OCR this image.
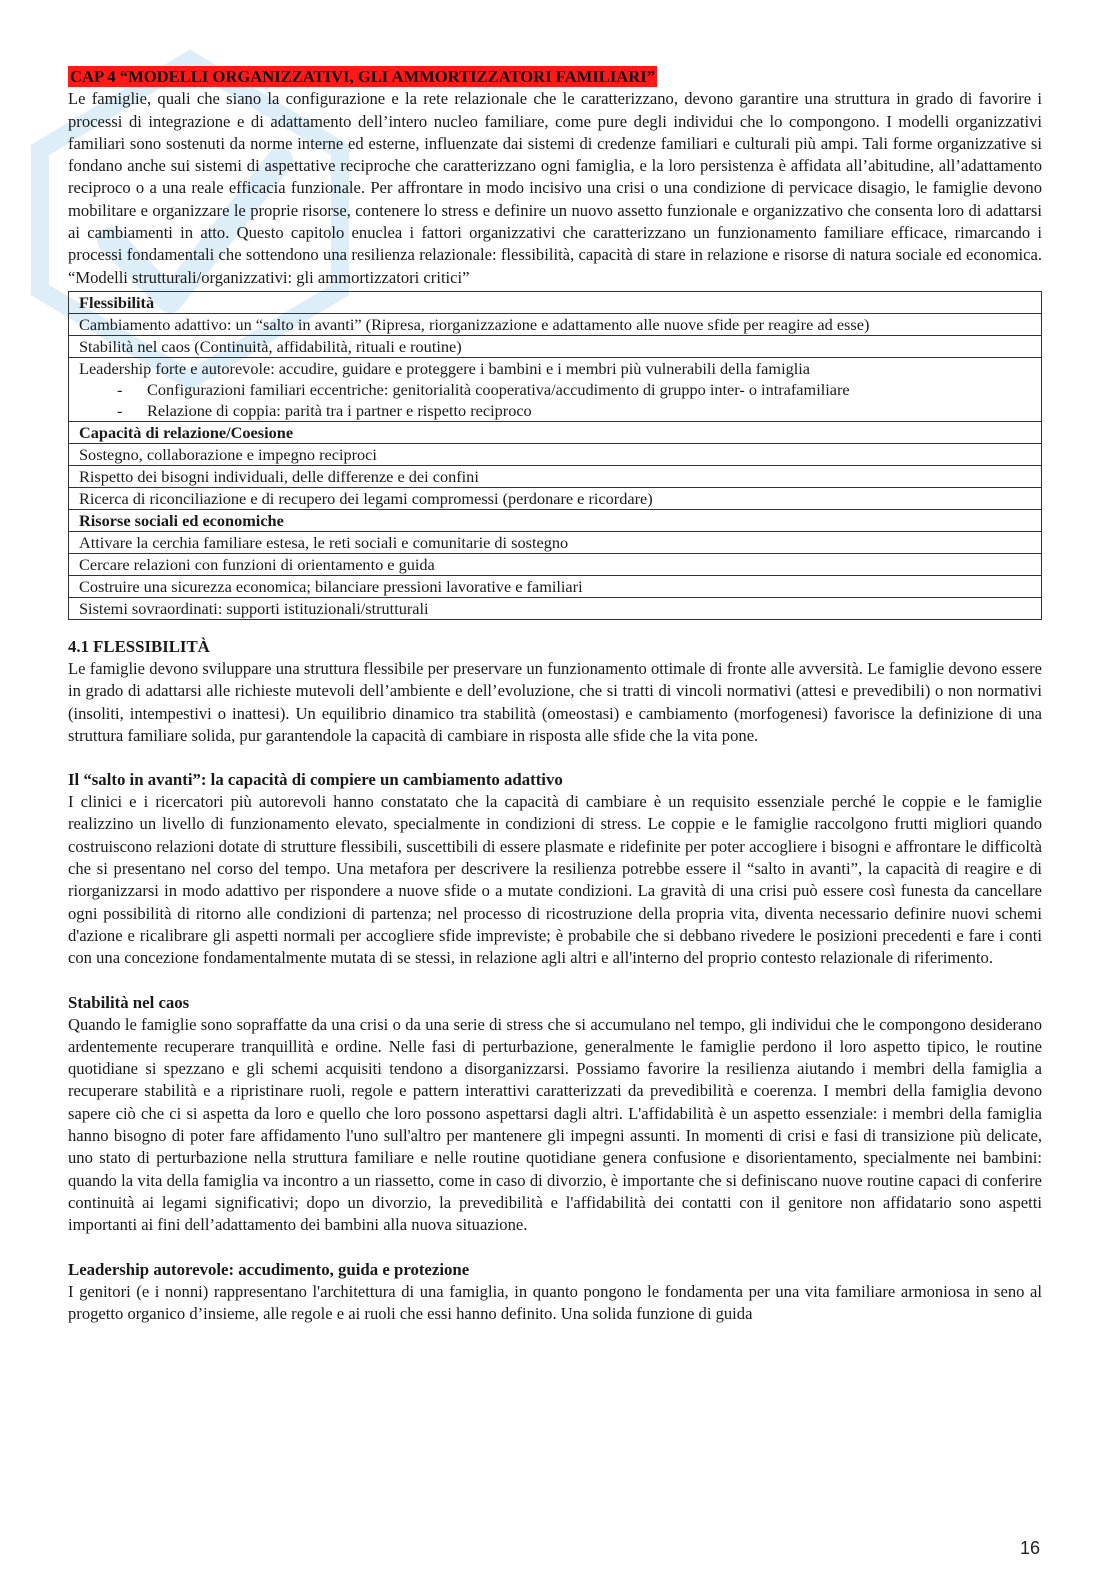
CAP 4 “MODELLI ORGANIZZATIVI, GLI AMMORTIZZATORI FAMILIARI”

Le famiglie, quali che siano la configurazione e la rete relazionale che le caratterizzano, devono garantire una struttura in grado di favorire i processi di integrazione e di adattamento dell’intero nucleo familiare, come pure degli individui che lo compongono. I modelli organizzativi familiari sono sostenuti da norme interne ed esterne, influenzate dai sistemi di credenze familiari e culturali più ampi. Tali forme organizzative si fondano anche sui sistemi di aspettative reciproche che caratterizzano ogni famiglia, e la loro persistenza è affidata all’abitudine, all’adattamento reciproco o a una reale efficacia funzionale. Per affrontare in modo incisivo una crisi o una condizione di pervicace disagio, le famiglie devono mobilitare e organizzare le proprie risorse, contenere lo stress e definire un nuovo assetto funzionale e organizzativo che consenta loro di adattarsi ai cambiamenti in atto. Questo capitolo enuclea i fattori organizzativi che caratterizzano un funzionamento familiare efficace, rimarcando i processi fondamentali che sottendono una resilienza relazionale: flessibilità, capacità di stare in relazione e risorse di natura sociale ed economica. “Modelli strutturali/organizzativi: gli ammortizzatori critici”

Flessibilità
Cambiamento adattivo: un “salto in avanti” (Ripresa, riorganizzazione e adattamento alle nuove sfide per reagire ad esse)
Stabilità nel caos (Continuità, affidabilità, rituali e routine)

Leadership forte e autorevole: accudire, guidare e proteggere i bambini e i membri più vulnerabili della famiglia
- Configurazioni familiari eccentriche: genitorialità cooperativa/accudimento di gruppo inter- o intrafamiliare
- Relazione di coppia: parità tra i partner e rispetto reciproco

Capacità di relazione/Coesione
Sostegno, collaborazione e impegno reciproci
Rispetto dei bisogni individuali, delle differenze e dei confini
Ricerca di riconciliazione e di recupero dei legami compromessi (perdonare e ricordare)
Risorse sociali ed economiche
Attivare la cerchia familiare estesa, le reti sociali e comunitarie di sostegno
Cercare relazioni con funzioni di orientamento e guida
Costruire una sicurezza economica; bilanciare pressioni lavorative e familiari
Sistemi sovraordinati: supporti istituzionali/strutturali
4.1 FLESSIBILITÀ

Le famiglie devono sviluppare una struttura flessibile per preservare un funzionamento ottimale di fronte alle avversità. Le famiglie devono essere in grado di adattarsi alle richieste mutevoli dell’ambiente e dell’evoluzione, che si tratti di vincoli normativi (attesi e prevedibili) o non normativi (insoliti, intempestivi o inattesi). Un equilibrio dinamico tra stabilità (omeostasi) e cambiamento (morfogenesi) favorisce la definizione di una struttura familiare solida, pur garantendole la capacità di cambiare in risposta alle sfide che la vita pone.

Il “salto in avanti”: la capacità di compiere un cambiamento adattivo

I clinici e i ricercatori più autorevoli hanno constatato che la capacità di cambiare è un requisito essenziale perché le coppie e le famiglie realizzino un livello di funzionamento elevato, specialmente in condizioni di stress. Le coppie e le famiglie raccolgono frutti migliori quando costruiscono relazioni dotate di strutture flessibili, suscettibili di essere plasmate e ridefinite per poter accogliere i bisogni e affrontare le difficoltà che si presentano nel corso del tempo. Una metafora per descrivere la resilienza potrebbe essere il “salto in avanti”, la capacità di reagire e di riorganizzarsi in modo adattivo per rispondere a nuove sfide o a mutate condizioni. La gravità di una crisi può essere così funesta da cancellare ogni possibilità di ritorno alle condizioni di partenza; nel processo di ricostruzione della propria vita, diventa necessario definire nuovi schemi d'azione e ricalibrare gli aspetti normali per accogliere sfide impreviste; è probabile che si debbano rivedere le posizioni precedenti e fare i conti con una concezione fondamentalmente mutata di se stessi, in relazione agli altri e all'interno del proprio contesto relazionale di riferimento.

Stabilità nel caos

Quando le famiglie sono sopraffatte da una crisi o da una serie di stress che si accumulano nel tempo, gli individui che le compongono desiderano ardentemente recuperare tranquillità e ordine. Nelle fasi di perturbazione, generalmente le famiglie perdono il loro aspetto tipico, le routine quotidiane si spezzano e gli schemi acquisiti tendono a disorganizzarsi. Possiamo favorire la resilienza aiutando i membri della famiglia a recuperare stabilità e a ripristinare ruoli, regole e pattern interattivi caratterizzati da prevedibilità e coerenza. I membri della famiglia devono sapere ciò che ci si aspetta da loro e quello che loro possono aspettarsi dagli altri. L'affidabilità è un aspetto essenziale: i membri della famiglia hanno bisogno di poter fare affidamento l'uno sull'altro per mantenere gli impegni assunti. In momenti di crisi e fasi di transizione più delicate, uno stato di perturbazione nella struttura familiare e nelle routine quotidiane genera confusione e disorientamento, specialmente nei bambini: quando la vita della famiglia va incontro a un riassetto, come in caso di divorzio, è importante che si definiscano nuove routine capaci di conferire continuità ai legami significativi; dopo un divorzio, la prevedibilità e l'affidabilità dei contatti con il genitore non affidatario sono aspetti importanti ai fini dell’adattamento dei bambini alla nuova situazione.

Leadership autorevole: accudimento, guida e protezione

I genitori (e i nonni) rappresentano l'architettura di una famiglia, in quanto pongono le fondamenta per una vita familiare armoniosa in seno al progetto organico d’insieme, alle regole e ai ruoli che essi hanno definito. Una solida funzione di guida

16
